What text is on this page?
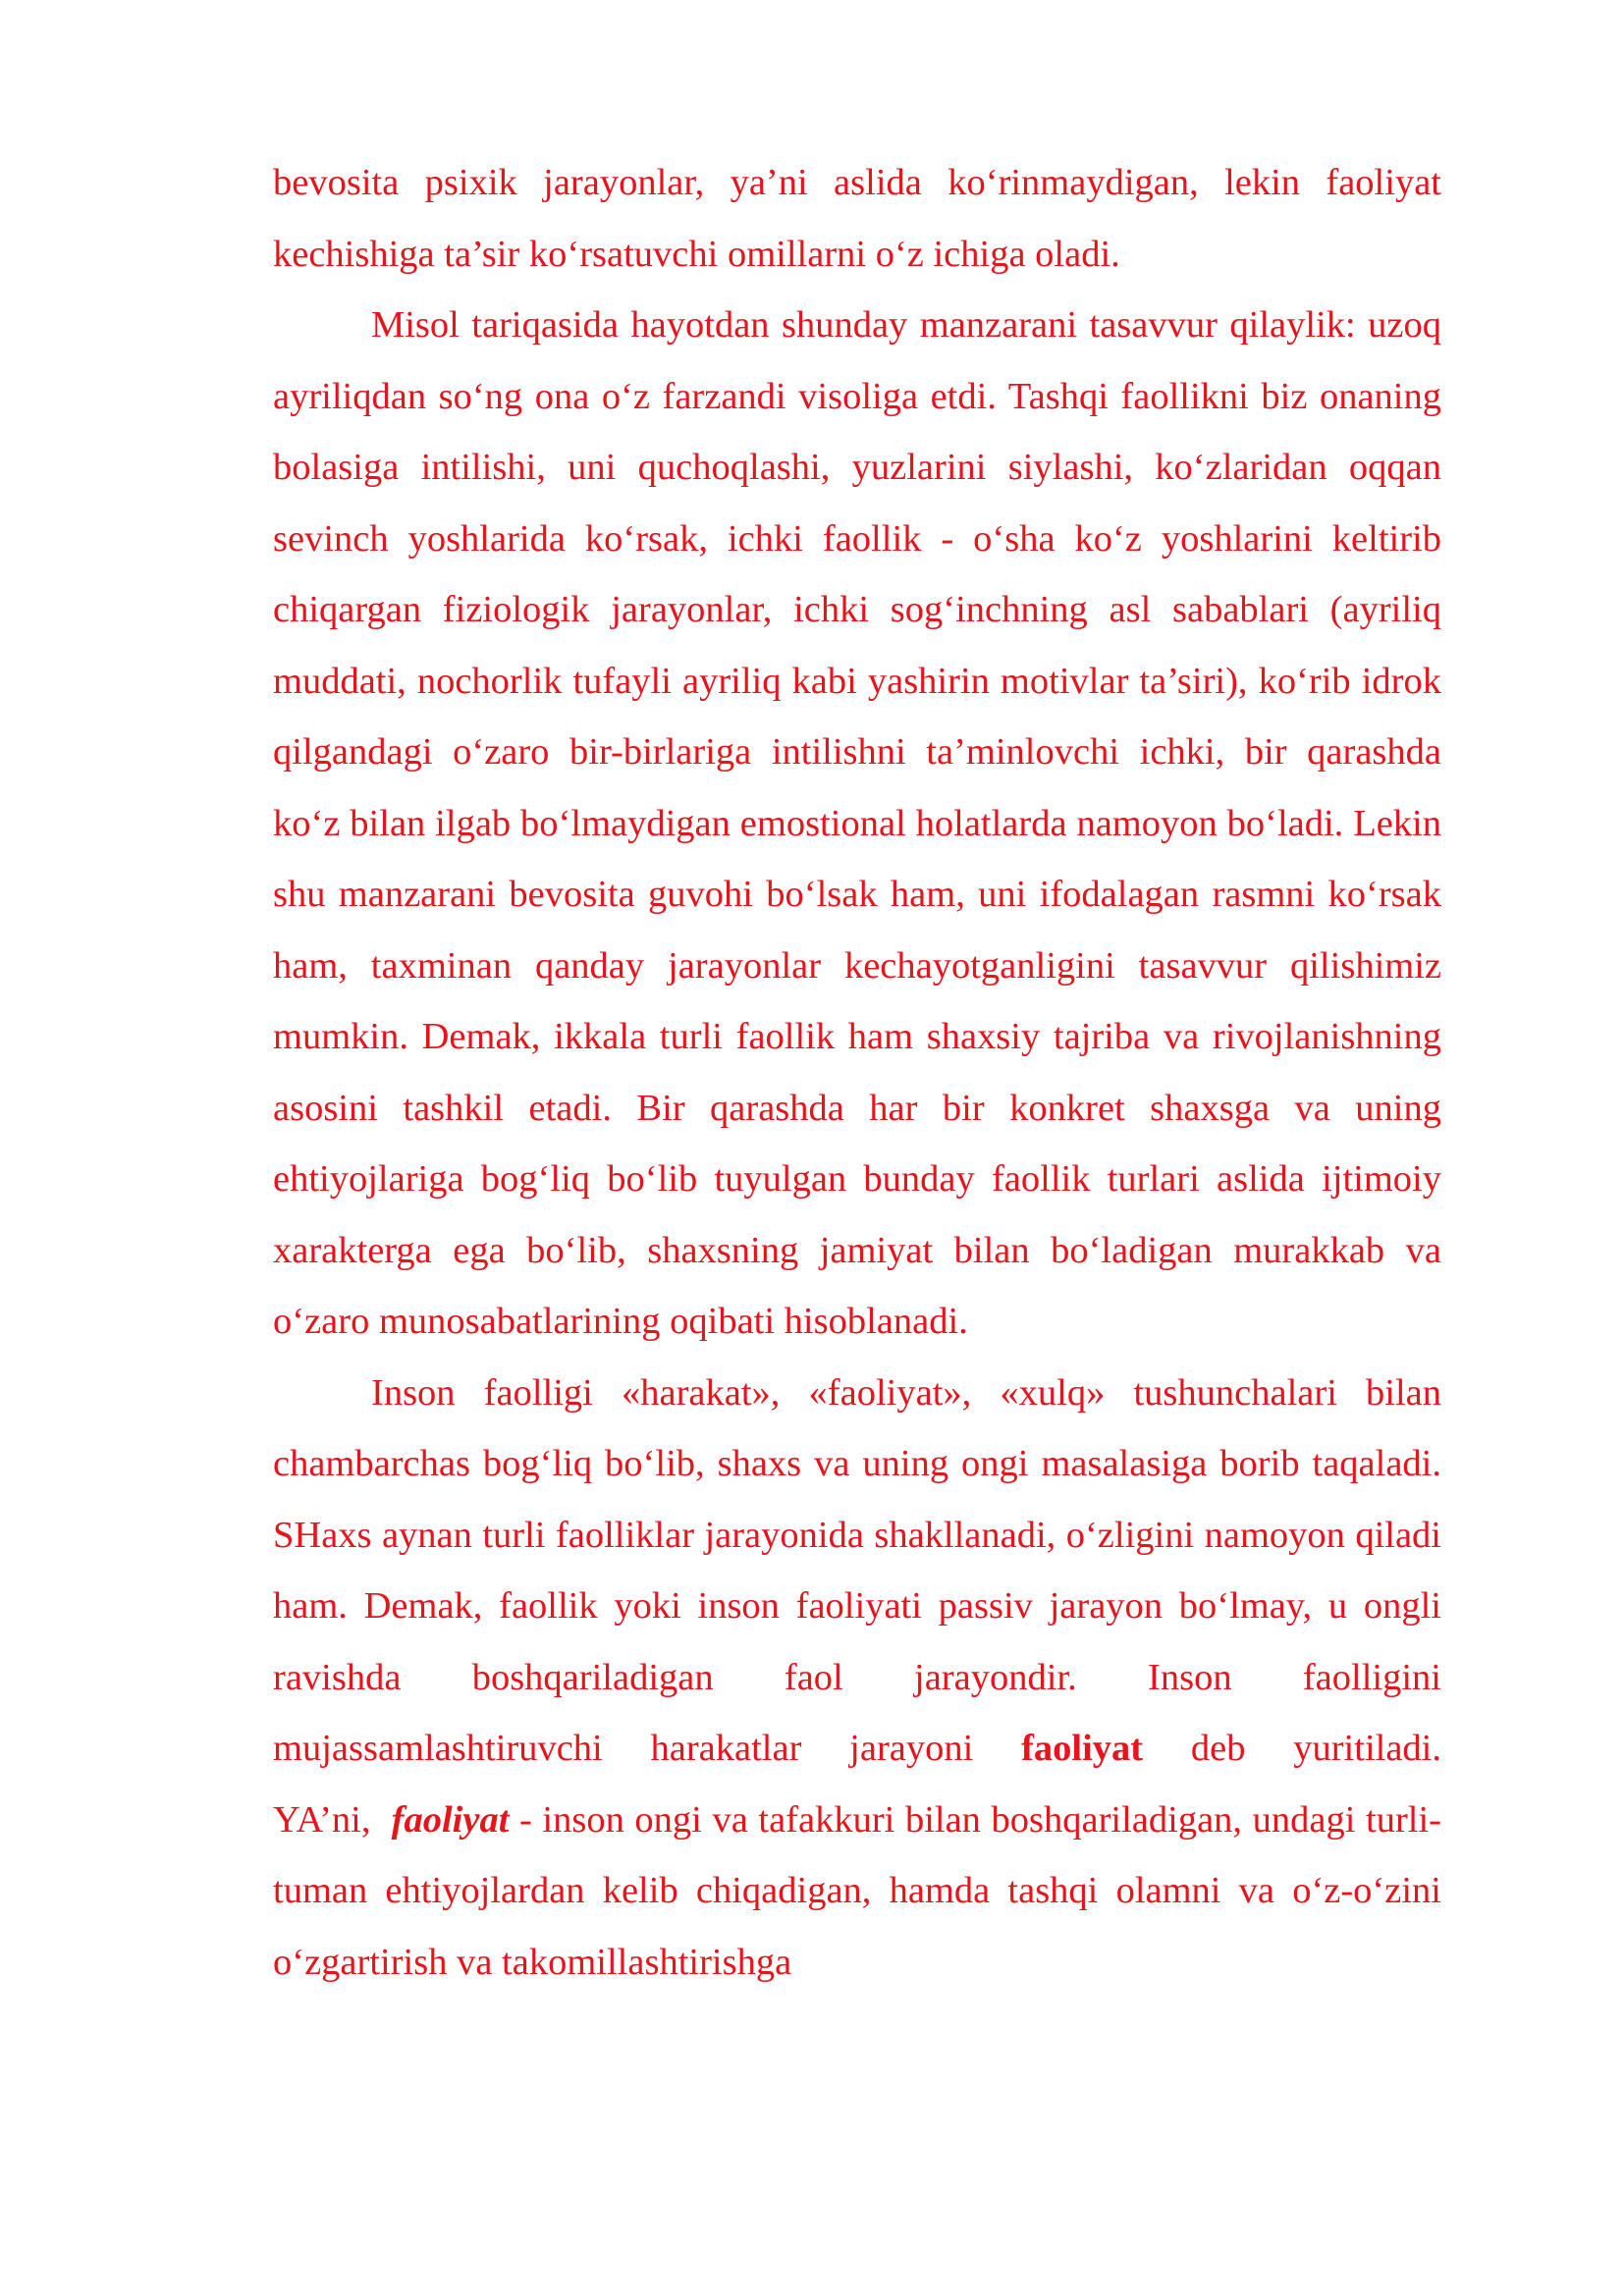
bevosita psixik jarayonlar, ya’ni aslida ko‘rinmaydigan, lekin faoliyat kechishiga ta’sir ko‘rsatuvchi omillarni o‘z ichiga oladi.

Misol tariqasida hayotdan shunday manzarani tasavvur qilaylik: uzoq ayriliqdan so‘ng ona o‘z farzandi visoliga etdi. Tashqi faollikni biz onaning bolasiga intilishi, uni quchoqlashi, yuzlarini siylashi, ko‘zlaridan oqqan sevinch yoshlarida ko‘rsak, ichki faollik - o‘sha ko‘z yoshlarini keltirib chiqargan fiziologik jarayonlar, ichki sog‘inchning asl sabablari (ayriliq muddati, nochorlik tufayli ayriliq kabi yashirin motivlar ta’siri), ko‘rib idrok qilgandagi o‘zaro bir-birlariga intilishni ta’minlovchi ichki, bir qarashda ko‘z bilan ilgab bo‘lmaydigan emostional holatlarda namoyon bo‘ladi. Lekin shu manzarani bevosita guvohi bo‘lsak ham, uni ifodalagan rasmni ko‘rsak ham, taxminan qanday jarayonlar kechayotganligini tasavvur qilishimiz mumkin. Demak, ikkala turli faollik ham shaxsiy tajriba va rivojlanishning asosini tashkil etadi. Bir qarashda har bir konkret shaxsga va uning ehtiyojlariga bog‘liq bo‘lib tuyulgan bunday faollik turlari aslida ijtimoiy xarakterga ega bo‘lib, shaxsning jamiyat bilan bo‘ladigan murakkab va o‘zaro munosabatlarining oqibati hisoblanadi.

Inson faolligi «harakat», «faoliyat», «xulq» tushunchalari bilan chambarchas bog‘liq bo‘lib, shaxs va uning ongi masalasiga borib taqaladi. SHaxs aynan turli faolliklar jarayonida shakllanadi, o‘zligini namoyon qiladi ham. Demak, faollik yoki inson faoliyati passiv jarayon bo‘lmay, u ongli ravishda boshqariladigan faol jarayondir. Inson faolligini mujassamlashtiruvchi harakatlar jarayoni faoliyat deb yuritiladi. YA’ni, faoliyat - inson ongi va tafakkuri bilan boshqariladigan, undagi turli-tuman ehtiyojlardan kelib chiqadigan, hamda tashqi olamni va o‘z-o‘zini o‘zgartirish va takomillashtirishga
